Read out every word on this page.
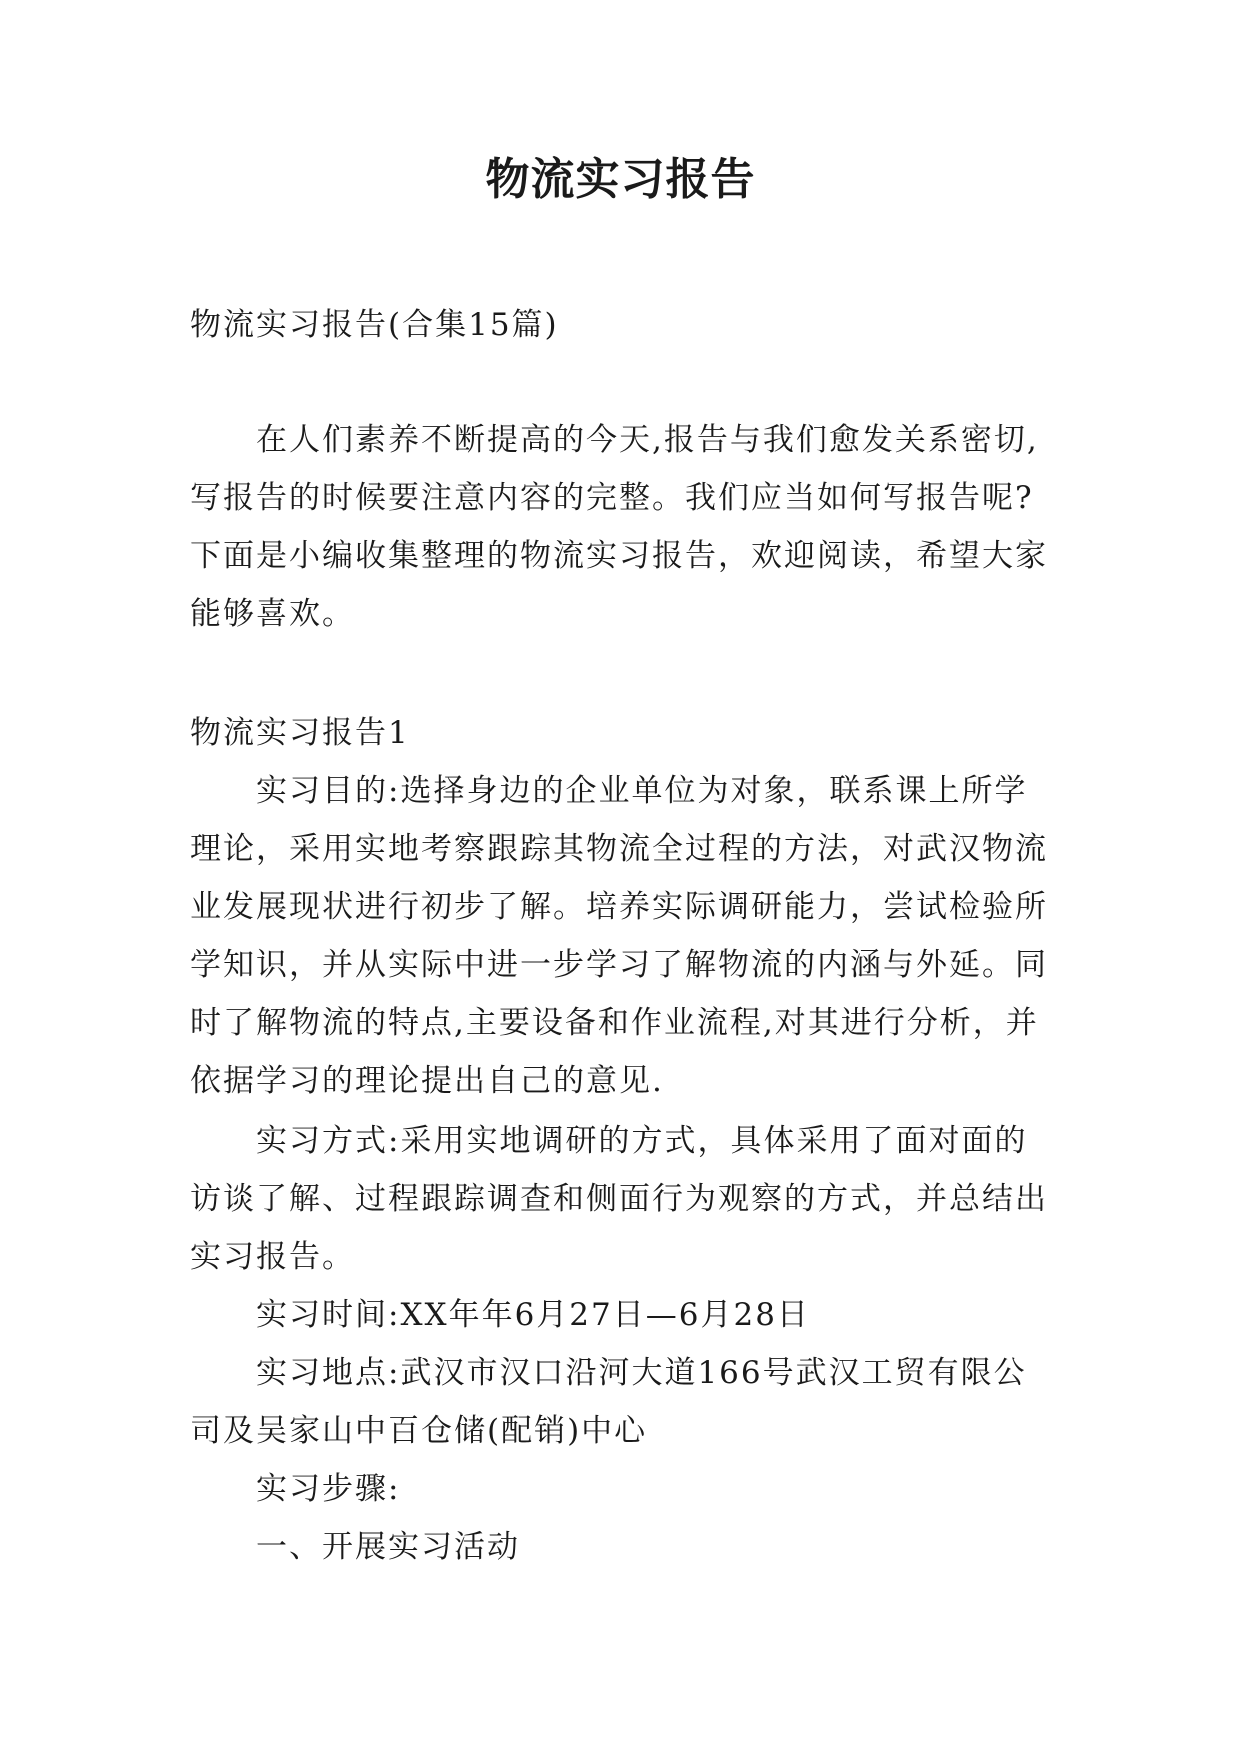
物流实习报告

物流实习报告(合集15篇)

在人们素养不断提高的今天,报告与我们愈发关系密切,写报告的时候要注意内容的完整。我们应当如何写报告呢?下面是小编收集整理的物流实习报告，欢迎阅读，希望大家能够喜欢。

物流实习报告1

实习目的:选择身边的企业单位为对象，联系课上所学理论，采用实地考察跟踪其物流全过程的方法，对武汉物流业发展现状进行初步了解。培养实际调研能力，尝试检验所学知识，并从实际中进一步学习了解物流的内涵与外延。同时了解物流的特点,主要设备和作业流程,对其进行分析，并依据学习的理论提出自己的意见.

实习方式:采用实地调研的方式，具体采用了面对面的访谈了解、过程跟踪调查和侧面行为观察的方式，并总结出实习报告。

实习时间:XX年年6月27日—6月28日

实习地点:武汉市汉口沿河大道166号武汉工贸有限公司及吴家山中百仓储(配销)中心

实习步骤:

一、开展实习活动
